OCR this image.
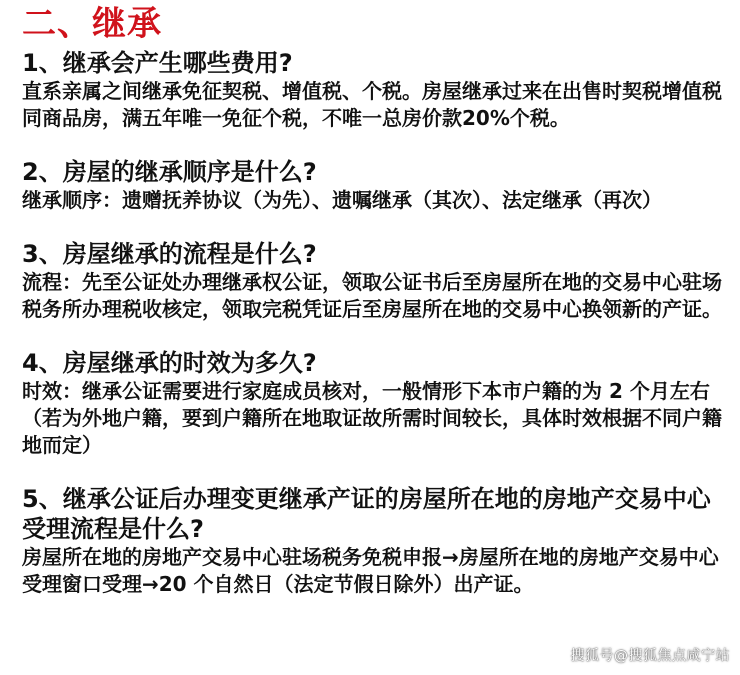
二、继承

1、继承会产生哪些费用?

直系亲属之间继承免征契税、增值税、个税。房屋继承过来在出售时契税增值税同商品房，满五年唯一免征个税，不唯一总房价款20%个税。

2、房屋的继承顺序是什么?

继承顺序：遗赠抚养协议（为先）、遗嘱继承（其次）、法定继承（再次）

3、房屋继承的流程是什么?

流程：先至公证处办理继承权公证，领取公证书后至房屋所在地的交易中心驻场税务所办理税收核定，领取完税凭证后至房屋所在地的交易中心换领新的产证。

4、房屋继承的时效为多久?

时效：继承公证需要进行家庭成员核对，一般情形下本市户籍的为 2 个月左右（若为外地户籍，要到户籍所在地取证故所需时间较长，具体时效根据不同户籍地而定）

5、继承公证后办理变更继承产证的房屋所在地的房地产交易中心受理流程是什么?

房屋所在地的房地产交易中心驻场税务免税申报→房屋所在地的房地产交易中心受理窗口受理→20 个自然日（法定节假日除外）出产证。

搜狐号@搜狐焦点咸宁站
